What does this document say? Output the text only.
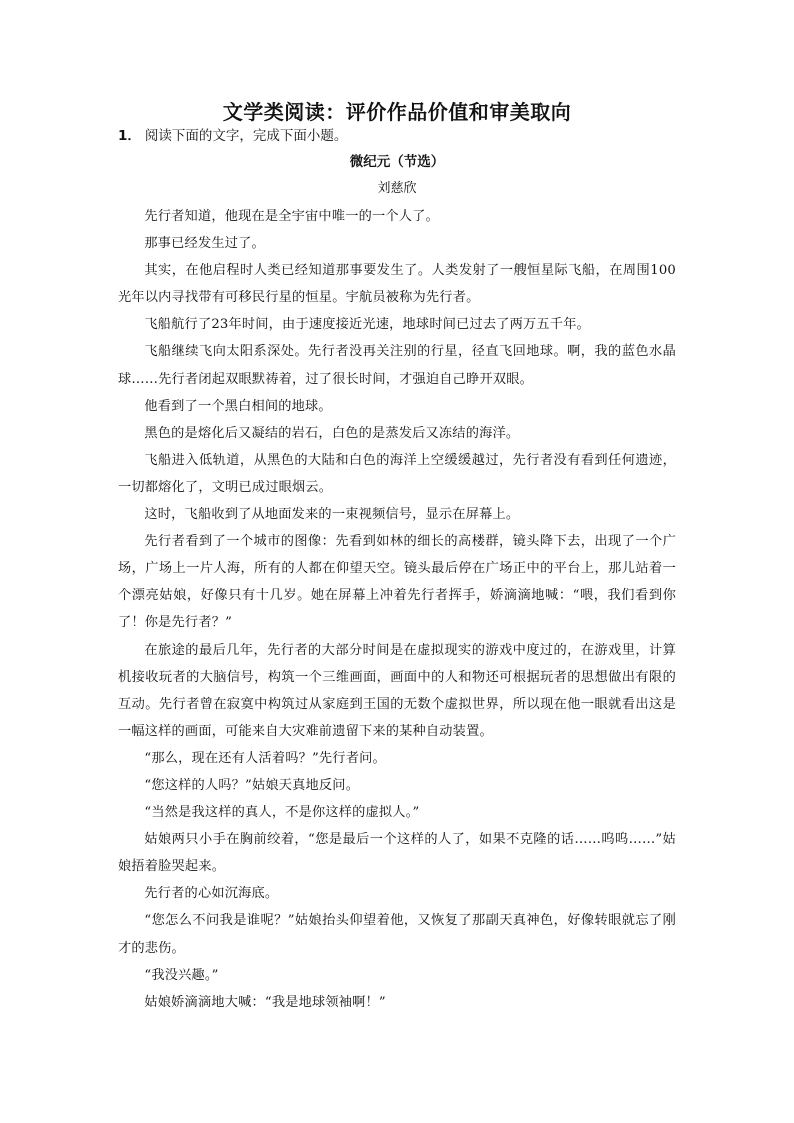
文学类阅读：评价作品价值和审美取向

1． 阅读下面的文字，完成下面小题。

微纪元（节选）

刘慈欣

先行者知道，他现在是全宇宙中唯一的一个人了。

那事已经发生过了。

其实，在他启程时人类已经知道那事要发生了。人类发射了一艘恒星际飞船，在周围100光年以内寻找带有可移民行星的恒星。宇航员被称为先行者。

飞船航行了23年时间，由于速度接近光速，地球时间已过去了两万五千年。

飞船继续飞向太阳系深处。先行者没再关注别的行星，径直飞回地球。啊，我的蓝色水晶球……先行者闭起双眼默祷着，过了很长时间，才强迫自己睁开双眼。

他看到了一个黑白相间的地球。

黑色的是熔化后又凝结的岩石，白色的是蒸发后又冻结的海洋。

飞船进入低轨道，从黑色的大陆和白色的海洋上空缓缓越过，先行者没有看到任何遗迹，一切都熔化了，文明已成过眼烟云。

这时，飞船收到了从地面发来的一束视频信号，显示在屏幕上。

先行者看到了一个城市的图像：先看到如林的细长的高楼群，镜头降下去，出现了一个广场，广场上一片人海，所有的人都在仰望天空。镜头最后停在广场正中的平台上，那儿站着一个漂亮姑娘，好像只有十几岁。她在屏幕上冲着先行者挥手，娇滴滴地喊：“喂，我们看到你了！你是先行者？”

在旅途的最后几年，先行者的大部分时间是在虚拟现实的游戏中度过的，在游戏里，计算机接收玩者的大脑信号，构筑一个三维画面，画面中的人和物还可根据玩者的思想做出有限的互动。先行者曾在寂寞中构筑过从家庭到王国的无数个虚拟世界，所以现在他一眼就看出这是一幅这样的画面，可能来自大灾难前遗留下来的某种自动装置。

“那么，现在还有人活着吗？”先行者问。

“您这样的人吗？”姑娘天真地反问。

“当然是我这样的真人，不是你这样的虚拟人。”

姑娘两只小手在胸前绞着，“您是最后一个这样的人了，如果不克隆的话……呜呜……”姑娘捂着脸哭起来。

先行者的心如沉海底。

“您怎么不问我是谁呢？”姑娘抬头仰望着他，又恢复了那副天真神色，好像转眼就忘了刚才的悲伤。

“我没兴趣。”

姑娘娇滴滴地大喊：“我是地球领袖啊！”
